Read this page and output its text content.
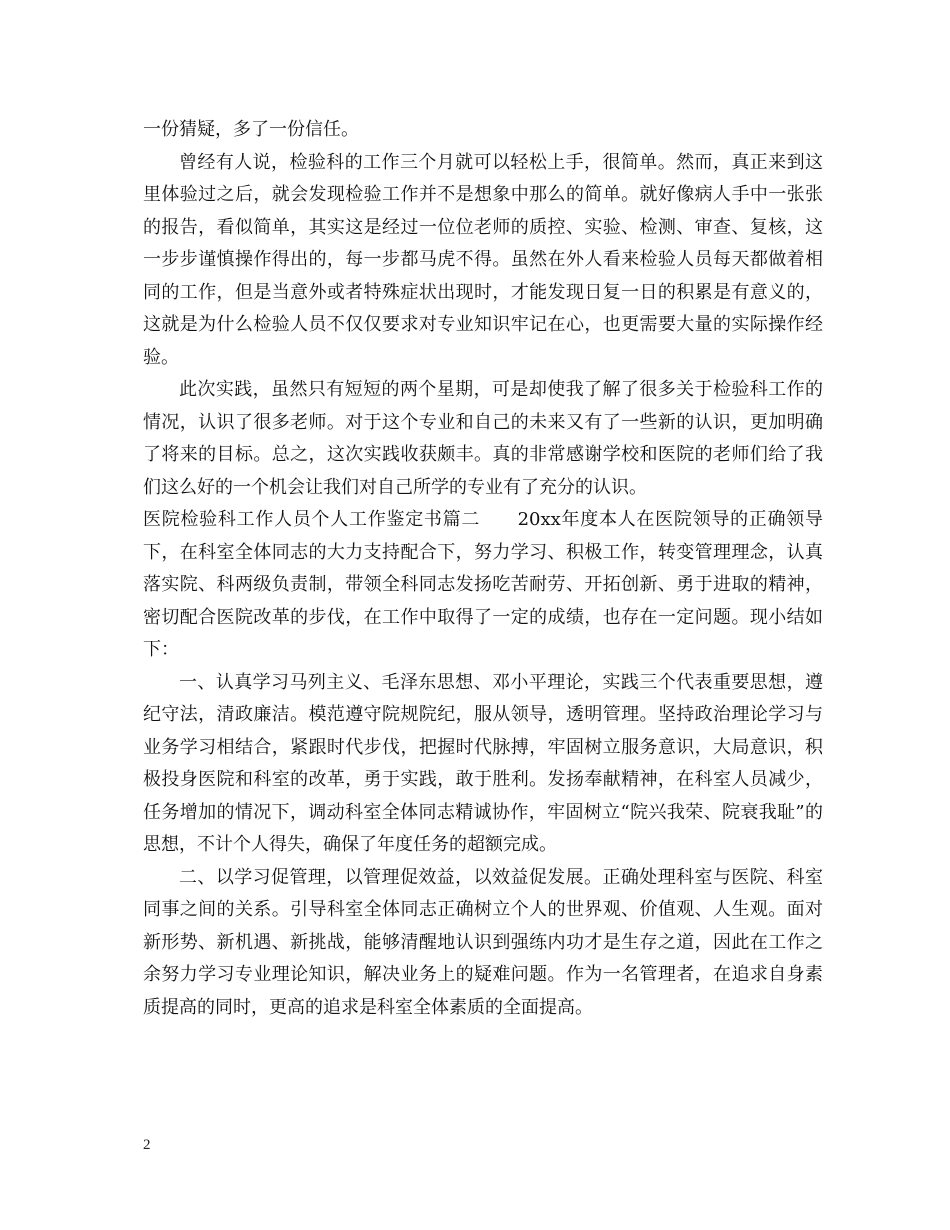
一份猜疑，多了一份信任。

曾经有人说，检验科的工作三个月就可以轻松上手，很简单。然而，真正来到这里体验过之后，就会发现检验工作并不是想象中那么的简单。就好像病人手中一张张的报告，看似简单，其实这是经过一位位老师的质控、实验、检测、审查、复核，这一步步谨慎操作得出的，每一步都马虎不得。虽然在外人看来检验人员每天都做着相同的工作，但是当意外或者特殊症状出现时，才能发现日复一日的积累是有意义的，这就是为什么检验人员不仅仅要求对专业知识牢记在心，也更需要大量的实际操作经验。

此次实践，虽然只有短短的两个星期，可是却使我了解了很多关于检验科工作的情况，认识了很多老师。对于这个专业和自己的未来又有了一些新的认识，更加明确了将来的目标。总之，这次实践收获颇丰。真的非常感谢学校和医院的老师们给了我们这么好的一个机会让我们对自己所学的专业有了充分的认识。

医院检验科工作人员个人工作鉴定书篇二　　20xx年度本人在医院领导的正确领导下，在科室全体同志的大力支持配合下，努力学习、积极工作，转变管理理念，认真落实院、科两级负责制，带领全科同志发扬吃苦耐劳、开拓创新、勇于进取的精神，密切配合医院改革的步伐，在工作中取得了一定的成绩，也存在一定问题。现小结如下：

一、认真学习马列主义、毛泽东思想、邓小平理论，实践三个代表重要思想，遵纪守法，清政廉洁。模范遵守院规院纪，服从领导，透明管理。坚持政治理论学习与业务学习相结合，紧跟时代步伐，把握时代脉搏，牢固树立服务意识，大局意识，积极投身医院和科室的改革，勇于实践，敢于胜利。发扬奉献精神，在科室人员减少，任务增加的情况下，调动科室全体同志精诚协作，牢固树立“院兴我荣、院衰我耻”的思想，不计个人得失，确保了年度任务的超额完成。

二、以学习促管理，以管理促效益，以效益促发展。正确处理科室与医院、科室同事之间的关系。引导科室全体同志正确树立个人的世界观、价值观、人生观。面对新形势、新机遇、新挑战，能够清醒地认识到强练内功才是生存之道，因此在工作之余努力学习专业理论知识，解决业务上的疑难问题。作为一名管理者，在追求自身素质提高的同时，更高的追求是科室全体素质的全面提高。

2
